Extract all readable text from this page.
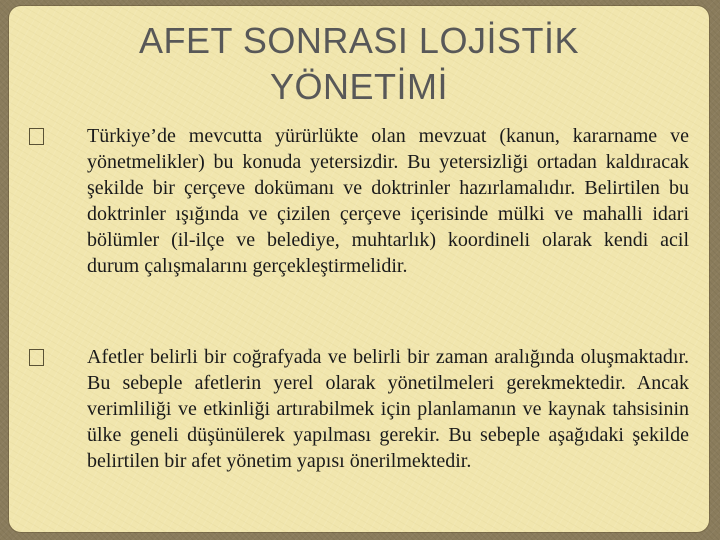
AFET SONRASI LOJİSTİK
YÖNETİMİ
Türkiye’de mevcutta yürürlükte olan mevzuat (kanun, kararname ve yönetmelikler) bu konuda yetersizdir. Bu yetersizliği ortadan kaldıracak şekilde bir çerçeve dokümanı ve doktrinler hazırlamalıdır. Belirtilen bu doktrinler ışığında ve çizilen çerçeve içerisinde mülki ve mahalli idari bölümler (il-ilçe ve belediye, muhtarlık) koordineli olarak kendi acil durum çalışmalarını gerçekleştirmelidir.
Afetler belirli bir coğrafyada ve belirli bir zaman aralığında oluşmaktadır. Bu sebeple afetlerin yerel olarak yönetilmeleri gerekmektedir. Ancak verimliliği ve etkinliği artırabilmek için planlamanın ve kaynak tahsisinin ülke geneli düşünülerek yapılması gerekir. Bu sebeple aşağıdaki şekilde belirtilen bir afet yönetim yapısı önerilmektedir.
